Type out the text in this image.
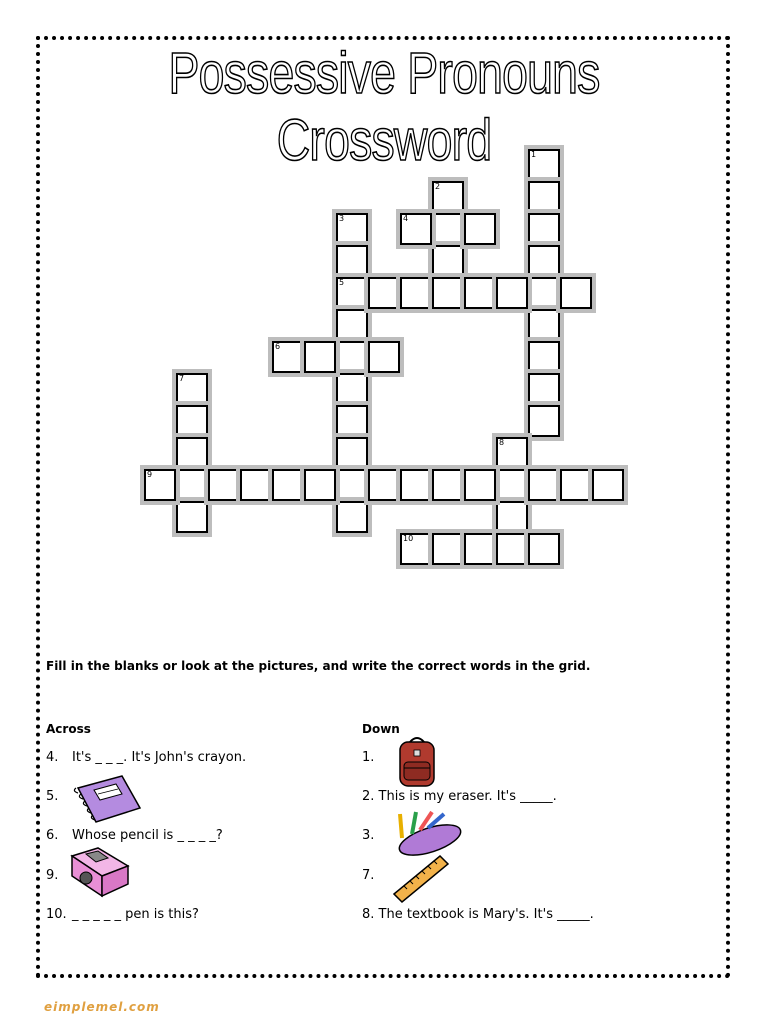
Possessive Pronouns Crossword	1
2
3	4
5
6
7
8
9
10
Fill in the blanks or look at the pictures, and write the correct words in the grid.
Across	Down
4. It's _ _ _. It's John's crayon.
5.
6. Whose pencil is _ _ _ _?
9.
10. _ _ _ _ _ pen is this?
1.
2. This is my eraser. It's _____.
3.
7.
8. The textbook is Mary's. It's _____.
eimplemel.com
